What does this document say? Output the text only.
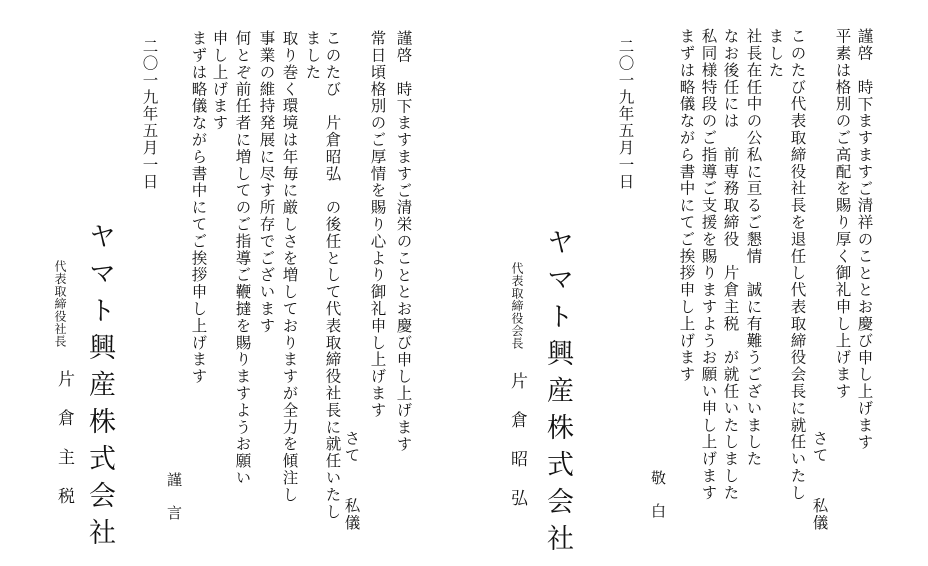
謹啓　時下ますますご清栄のこととお慶び申し上げます
常日頃格別のご厚情を賜り心より御礼申し上げます
さて　　私儀
このたび　片倉昭弘　の後任として代表取締役社長に就任いたし
ました
取り巻く環境は年毎に厳しさを増しておりますが全力を傾注し
事業の維持発展に尽す所存でございます
何とぞ前任者に増してのご指導ご鞭撻を賜りますようお願い
申し上げます
まずは略儀ながら書中にてご挨拶申し上げます
謹　言
二〇一九年五月一日
ヤマト興産株式会社
代表取締役社長
片倉主税
謹啓　時下ますますご清祥のこととお慶び申し上げます
平素は格別のご高配を賜り厚く御礼申し上げます
さて　　私儀
このたび代表取締役社長を退任し代表取締役会長に就任いたし
ました
社長在任中の公私に亘るご懇情　誠に有難うございました
なお後任には　前専務取締役　片倉主税　が就任いたしました
私同様特段のご指導ご支援を賜りますようお願い申し上げます
まずは略儀ながら書中にてご挨拶申し上げます
敬　白
二〇一九年五月一日
ヤマト興産株式会社
代表取締役会長
片倉昭弘
